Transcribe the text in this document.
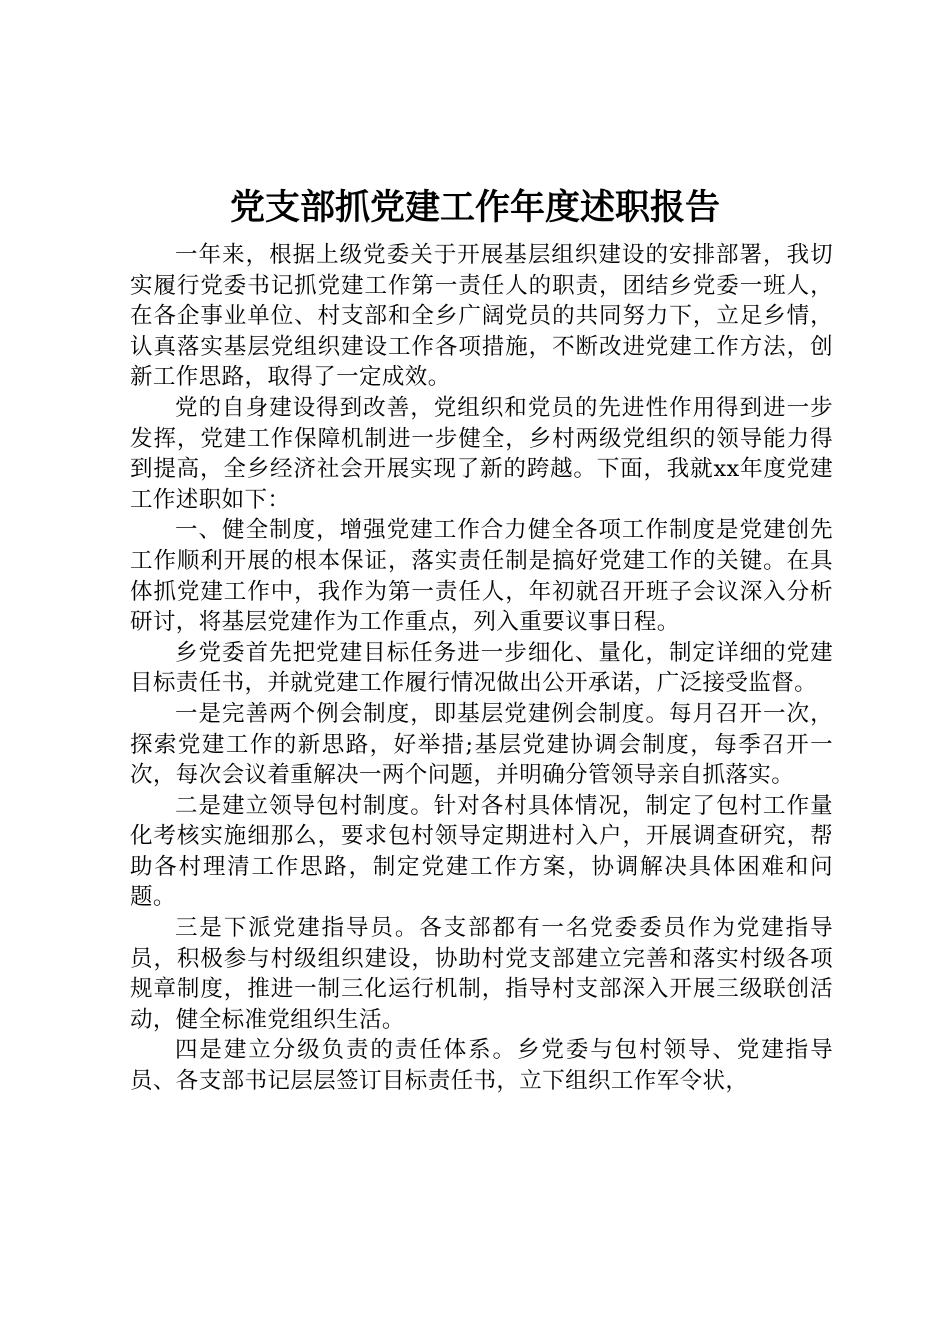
党支部抓党建工作年度述职报告

一年来，根据上级党委关于开展基层组织建设的安排部署，我切实履行党委书记抓党建工作第一责任人的职责，团结乡党委一班人，在各企事业单位、村支部和全乡广阔党员的共同努力下，立足乡情，认真落实基层党组织建设工作各项措施，不断改进党建工作方法，创新工作思路，取得了一定成效。

党的自身建设得到改善，党组织和党员的先进性作用得到进一步发挥，党建工作保障机制进一步健全，乡村两级党组织的领导能力得到提高，全乡经济社会开展实现了新的跨越。下面，我就xx年度党建工作述职如下：

一、健全制度，增强党建工作合力健全各项工作制度是党建创先工作顺利开展的根本保证，落实责任制是搞好党建工作的关键。在具体抓党建工作中，我作为第一责任人，年初就召开班子会议深入分析研讨，将基层党建作为工作重点，列入重要议事日程。

乡党委首先把党建目标任务进一步细化、量化，制定详细的党建目标责任书，并就党建工作履行情况做出公开承诺，广泛接受监督。

一是完善两个例会制度，即基层党建例会制度。每月召开一次，探索党建工作的新思路，好举措;基层党建协调会制度，每季召开一次，每次会议着重解决一两个问题，并明确分管领导亲自抓落实。

二是建立领导包村制度。针对各村具体情况，制定了包村工作量化考核实施细那么，要求包村领导定期进村入户，开展调查研究，帮助各村理清工作思路，制定党建工作方案，协调解决具体困难和问题。

三是下派党建指导员。各支部都有一名党委委员作为党建指导员，积极参与村级组织建设，协助村党支部建立完善和落实村级各项规章制度，推进一制三化运行机制，指导村支部深入开展三级联创活动，健全标准党组织生活。

四是建立分级负责的责任体系。乡党委与包村领导、党建指导员、各支部书记层层签订目标责任书，立下组织工作军令状，
